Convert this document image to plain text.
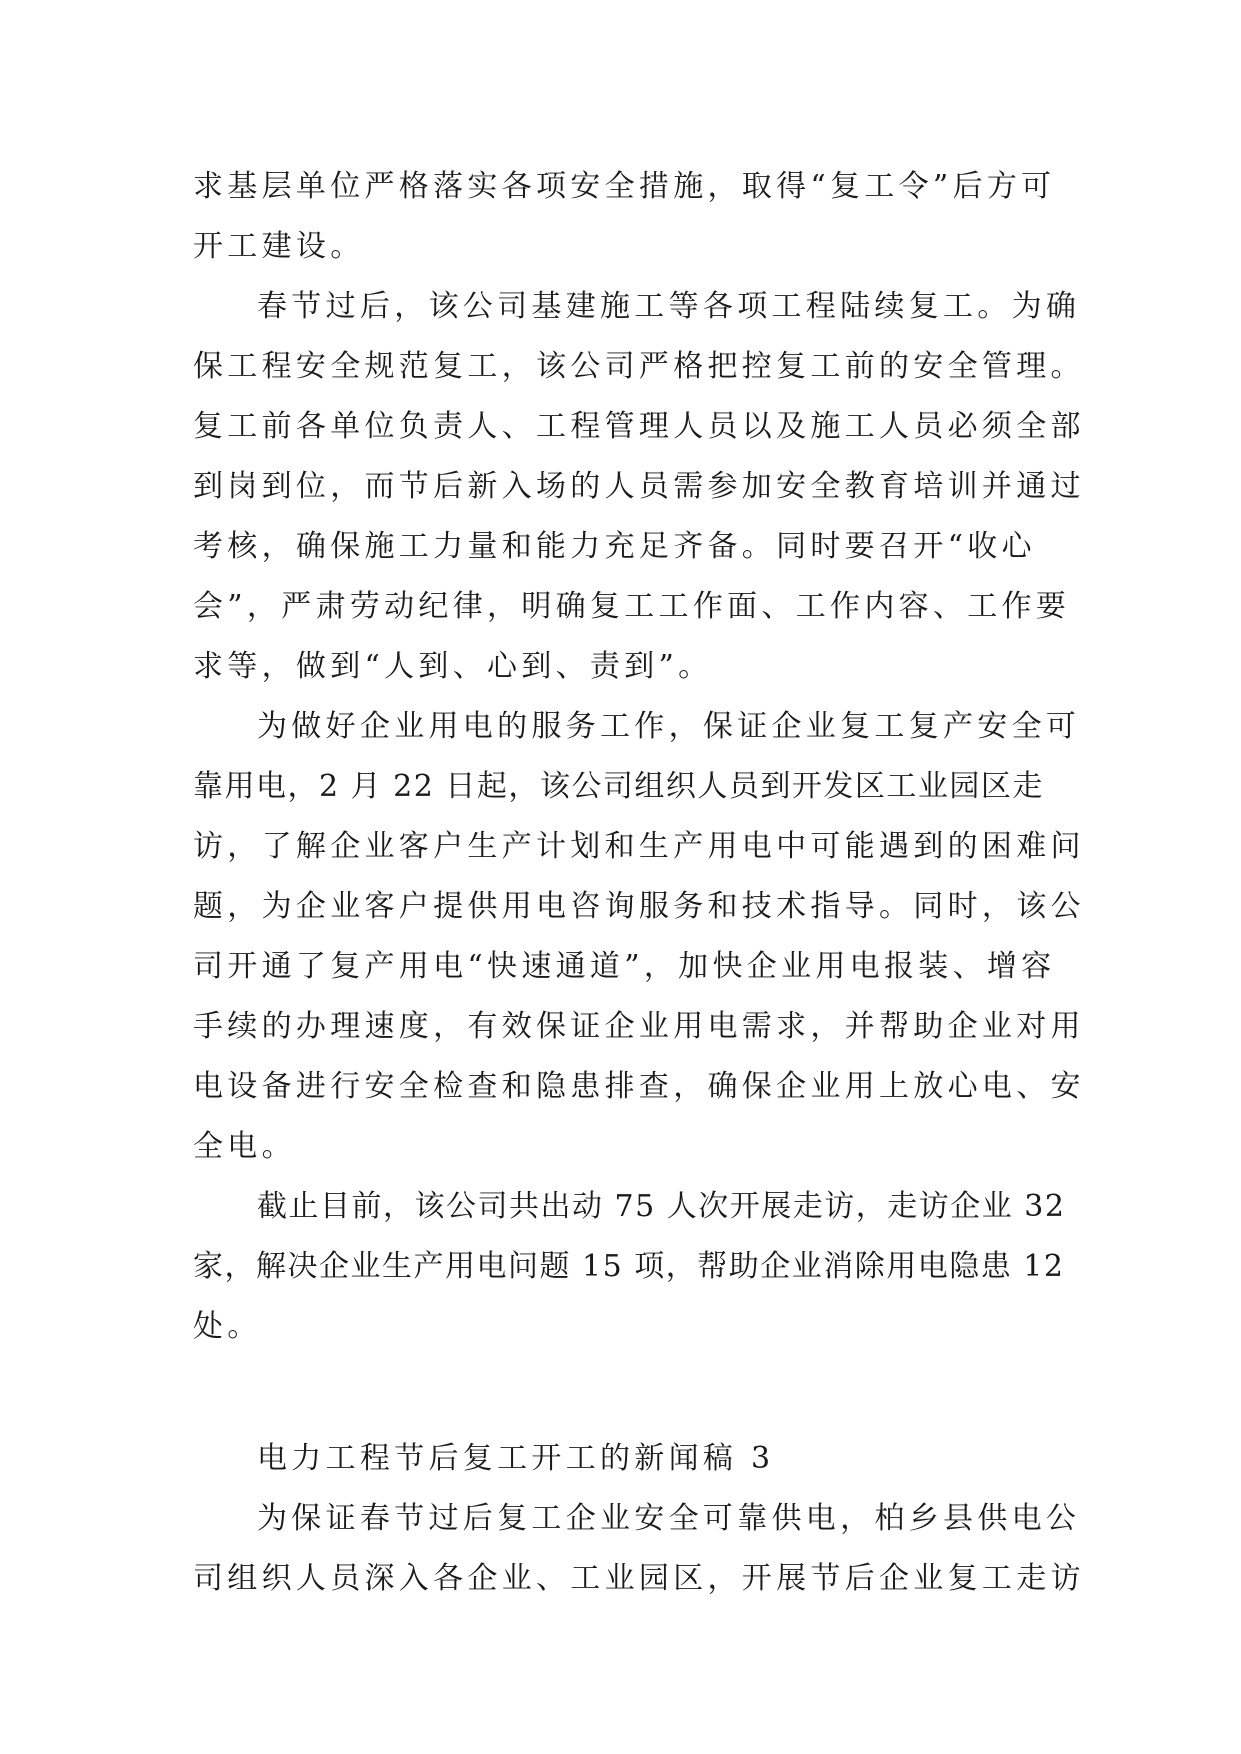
求基层单位严格落实各项安全措施，取得“复工令”后方可
开工建设。
春节过后，该公司基建施工等各项工程陆续复工。为确
保工程安全规范复工，该公司严格把控复工前的安全管理。
复工前各单位负责人、工程管理人员以及施工人员必须全部
到岗到位，而节后新入场的人员需参加安全教育培训并通过
考核，确保施工力量和能力充足齐备。同时要召开“收心
会”，严肃劳动纪律，明确复工工作面、工作内容、工作要
求等，做到“人到、心到、责到”。
为做好企业用电的服务工作，保证企业复工复产安全可
靠用电，2 月 22 日起，该公司组织人员到开发区工业园区走
访，了解企业客户生产计划和生产用电中可能遇到的困难问
题，为企业客户提供用电咨询服务和技术指导。同时，该公
司开通了复产用电“快速通道”，加快企业用电报装、增容
手续的办理速度，有效保证企业用电需求，并帮助企业对用
电设备进行安全检查和隐患排查，确保企业用上放心电、安
全电。
截止目前，该公司共出动 75 人次开展走访，走访企业 32
家，解决企业生产用电问题 15 项，帮助企业消除用电隐患 12
处。
电力工程节后复工开工的新闻稿 3
为保证春节过后复工企业安全可靠供电，柏乡县供电公
司组织人员深入各企业、工业园区，开展节后企业复工走访
